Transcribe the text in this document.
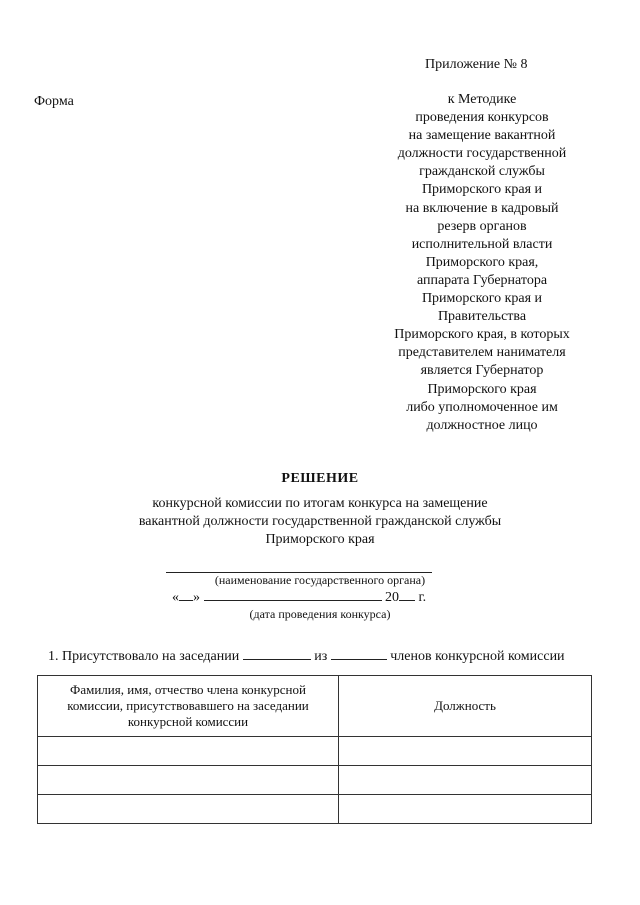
Приложение № 8
Форма	к Методике
проведения конкурсов
на замещение вакантной
должности государственной
гражданской службы
Приморского края и
на включение в кадровый
резерв органов
исполнительной власти
Приморского края,
аппарата Губернатора
Приморского края и
Правительства
Приморского края, в которых
представителем нанимателя
является Губернатор
Приморского края
либо уполномоченное им
должностное лицо
РЕШЕНИЕ
конкурсной комиссии по итогам конкурса на замещение
вакантной должности государственной гражданской службы
Приморского края
(наименование государственного органа)
« »	20 г.
(дата проведения конкурса)
1. Присутствовало на заседании	из	членов конкурсной комиссии
Фамилия, имя, отчество члена конкурсной комиссии, присутствовавшего на заседании конкурсной комиссии	Должность
